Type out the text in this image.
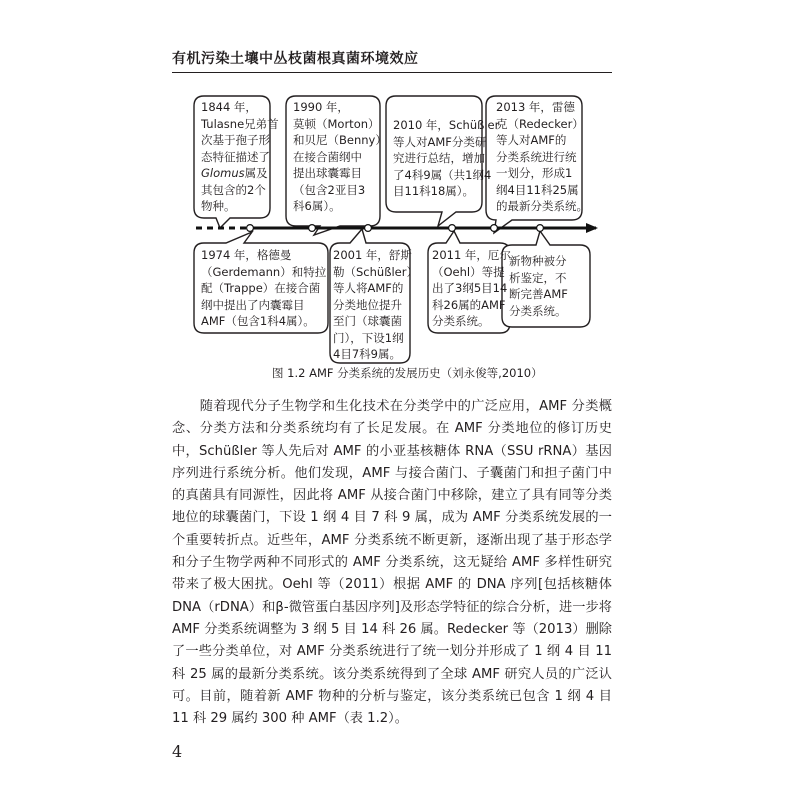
有机污染土壤中丛枝菌根真菌环境效应
1844 年，
Tulasne兄弟首
次基于孢子形
态特征描述了
Glomus属及
其包含的2个
物种。
1990 年，
莫顿（Morton）
和贝尼（Benny）
在接合菌纲中
提出球囊霉目
（包含2亚目3
科6属）。
2010 年，Schüßler
等人对AMF分类研
究进行总结，增加
了4科9属（共1纲4
目11科18属）。
2013 年，雷德
克（Redecker）
等人对AMF的
分类系统进行统
一划分，形成1
纲4目11科25属
的最新分类系统。
1974 年，格德曼
（Gerdemann）和特拉
配（Trappe）在接合菌
纲中提出了内囊霉目
AMF（包含1科4属）。
2001 年，舒斯
勒（Schüßler）
等人将AMF的
分类地位提升
至门（球囊菌
门），下设1纲
4目7科9属。
2011 年，厄尔
（Oehl）等提
出了3纲5目14
科26属的AMF
分类系统。
新物种被分
析鉴定，不
断完善AMF
分类系统。
图 1.2 AMF 分类系统的发展历史（刘永俊等,2010）

随着现代分子生物学和生化技术在分类学中的广泛应用，AMF 分类概念、分类方法和分类系统均有了长足发展。在 AMF 分类地位的修订历史中，Schüßler 等人先后对 AMF 的小亚基核糖体 RNA（SSU rRNA）基因序列进行系统分析。他们发现，AMF 与接合菌门、子囊菌门和担子菌门中的真菌具有同源性，因此将 AMF 从接合菌门中移除，建立了具有同等分类地位的球囊菌门，下设 1 纲 4 目 7 科 9 属，成为 AMF 分类系统发展的一个重要转折点。近些年，AMF 分类系统不断更新，逐渐出现了基于形态学和分子生物学两种不同形式的 AMF 分类系统，这无疑给 AMF 多样性研究带来了极大困扰。Oehl 等（2011）根据 AMF 的 DNA 序列[包括核糖体 DNA（rDNA）和β-微管蛋白基因序列]及形态学特征的综合分析，进一步将 AMF 分类系统调整为 3 纲 5 目 14 科 26 属。Redecker 等（2013）删除了一些分类单位，对 AMF 分类系统进行了统一划分并形成了 1 纲 4 目 11 科 25 属的最新分类系统。该分类系统得到了全球 AMF 研究人员的广泛认可。目前，随着新 AMF 物种的分析与鉴定，该分类系统已包含 1 纲 4 目 11 科 29 属约 300 种 AMF（表 1.2）。

4
